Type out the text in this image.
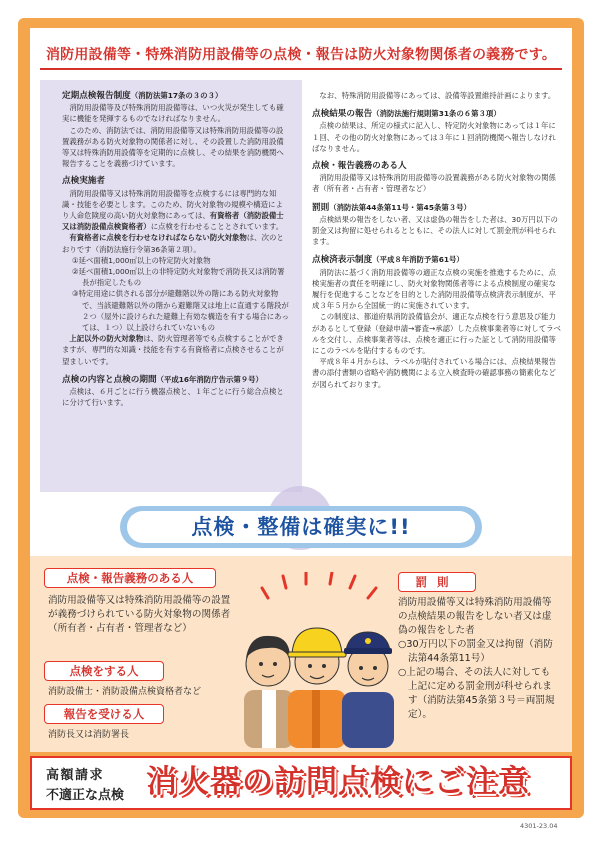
消防用設備等・特殊消防用設備等の点検・報告は防火対象物関係者の義務です。
定期点検報告制度（消防法第17条の３の３）
消防用設備等及び特殊消防用設備等は、いつ火災が発生しても確実に機能を発揮するものでなければなりません。
このため、消防法では、消防用設備等又は特殊消防用設備等の設置義務がある防火対象物の関係者に対し、その設置した消防用設備等又は特殊消防用設備等を定期的に点検し、その結果を消防機関へ報告することを義務づけています。
点検実施者
消防用設備等又は特殊消防用設備等を点検するには専門的な知識・技能を必要とします。このため、防火対象物の規模や構造により人命危険度の高い防火対象物にあっては、有資格者（消防設備士又は消防設備点検資格者）に点検を行わせることとされています。
有資格者に点検を行わせなければならない防火対象物は、次のとおりです（消防法施行令第36条第２項）。
①延べ面積1,000㎡以上の特定防火対象物
②延べ面積1,000㎡以上の非特定防火対象物で消防長又は消防署長が指定したもの
③特定用途に供される部分が避難階以外の階にある防火対象物で、当該避難階以外の階から避難階又は地上に直通する階段が２つ（屋外に設けられた避難上有効な構造を有する場合にあっては、１つ）以上設けられていないもの
上記以外の防火対象物は、防火管理者等でも点検することができますが、専門的な知識・技能を有する有資格者に点検させることが望ましいです。
点検の内容と点検の期間（平成16年消防庁告示第９号）
点検は、６月ごとに行う機器点検と、１年ごとに行う総合点検とに分けて行います。
なお、特殊消防用設備等にあっては、設備等設置維持計画によります。
点検結果の報告（消防法施行規則第31条の６第３項）
点検の結果は、所定の様式に記入し、特定防火対象物にあっては１年に１回、その他の防火対象物にあっては３年に１回消防機関へ報告しなければなりません。
点検・報告義務のある人
消防用設備等又は特殊消防用設備等の設置義務がある防火対象物の関係者（所有者・占有者・管理者など）
罰則（消防法第44条第11号・第45条第３号）
点検結果の報告をしない者、又は虚偽の報告をした者は、30万円以下の罰金又は拘留に処せられるとともに、その法人に対して罰金刑が科せられます。
点検済表示制度（平成８年消防予第61号）
消防法に基づく消防用設備等の適正な点検の実施を推進するために、点検実施者の責任を明確にし、防火対象物関係者等による点検制度の確実な履行を促進することなどを目的とした消防用設備等点検済表示制度が、平成３年５月から全国統一的に実施されています。
この制度は、都道府県消防設備協会が、適正な点検を行う意思及び能力があるとして登録（登録申請→審査→承認）した点検事業者等に対してラベルを交付し、点検事業者等は、点検を適正に行った証として消防用設備等にこのラベルを貼付するものです。
平成８年４月からは、ラベルが貼付されている場合には、点検結果報告書の添付書類の省略や消防機関による立入検査時の確認事務の簡素化などが図られております。
点検・整備は確実に!!
点検・報告義務のある人
消防用設備等又は特殊消防用設備等の設置が義務づけられている防火対象物の関係者（所有者・占有者・管理者など）
点検をする人
消防設備士・消防設備点検資格者など
報告を受ける人
消防長又は消防署長
罰則
消防用設備等又は特殊消防用設備等の点検結果の報告をしない者又は虚偽の報告をした者
○30万円以下の罰金又は拘留（消防法第44条第11号）
○上記の場合、その法人に対しても上記に定める罰金刑が科せられます（消防法第45条第３号＝両罰規定）。
高額請求
不適正な点検 消火器の訪問点検にご注意
4301-23.04
